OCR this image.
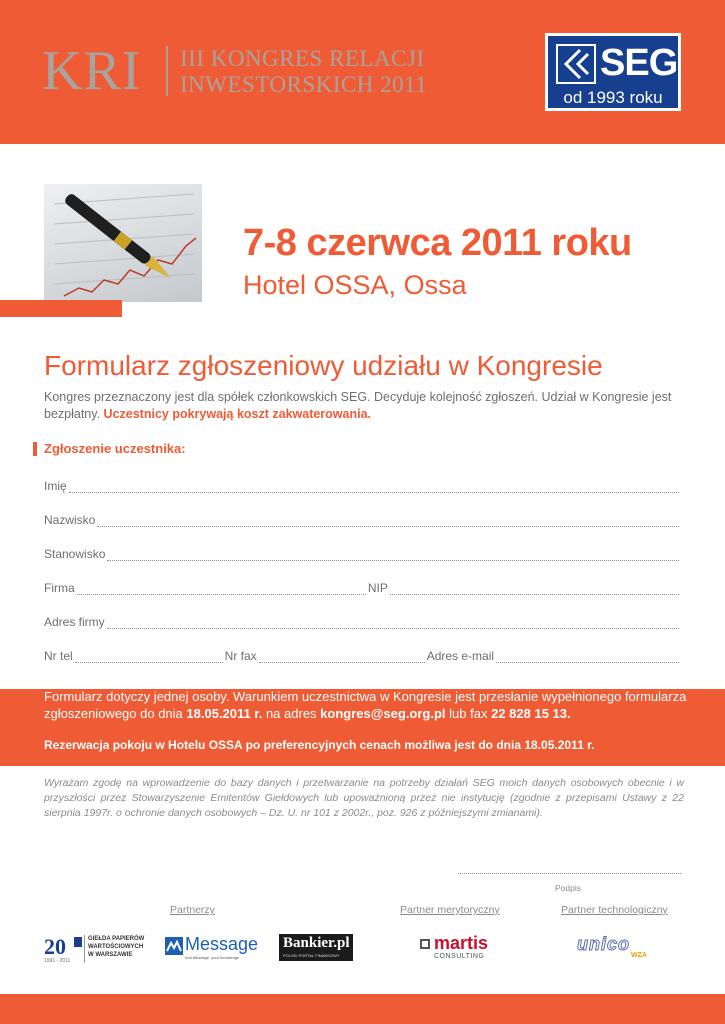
KRI III KONGRES RELACJI
INWESTORSKICH 2011
SEG
od 1993 roku
7-8 czerwca 2011 roku
Hotel OSSA, Ossa
Formularz zgłoszeniowy udziału w Kongresie
Kongres przeznaczony jest dla spółek członkowskich SEG. Decyduje kolejność zgłoszeń. Udział w Kongresie jest bezpłatny. Uczestnicy pokrywają koszt zakwaterowania.
Zgłoszenie uczestnika:
Imię
Nazwisko
Stanowisko
Firma	NIP
Adres firmy
Nr tel	Nr fax	Adres e-mail
Formularz dotyczy jednej osoby. Warunkiem uczestnictwa w Kongresie jest przesłanie wypełnionego formularza zgłoszeniowego do dnia 18.05.2011 r. na adres kongres@seg.org.pl lub fax 22 828 15 13.
Rezerwacja pokoju w Hotelu OSSA po preferencyjnych cenach możliwa jest do dnia 18.05.2011 r.
Wyrażam zgodę na wprowadzenie do bazy danych i przetwarzanie na potrzeby działań SEG moich danych osobowych obecnie i w przyszłości przez Stowarzyszenie Emitentów Giełdowych lub upoważnioną przez nie instytucję (zgodnie z przepisami Ustawy z 22 sierpnia 1997r. o ochronie danych osobowych – Dz. U. nr 101 z 2002r., poz. 926 z późniejszymi zmianami).
Podpis
Partnerzy	Partner merytoryczny	Partner technologiczny
20
1991 - 2011
GIEŁDA PAPIERÓW WARTOŚCIOWYCH W WARSZAWIE
Message
real Message, your knowledge
Bankier.pl
POLSKI PORTAL FINANSOWY
martis
CONSULTING
unico
WZA
